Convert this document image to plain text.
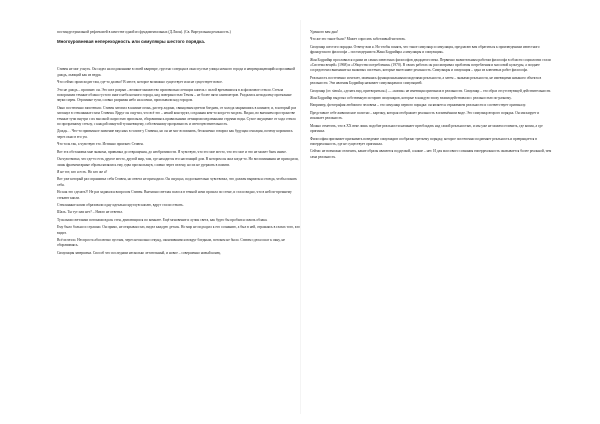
постиндустриальной рефлексией в качестве одной из фундаментальных (Д.Лион). (Св. Виртуальная реальность.)

Многоуровневая непереходность или симулякры шестого порядка.

Стивен не мог уснуть. Он сидел на подоконнике в своей квартире, грустно созерцая в окно пустые улицы ночного города и непрекращающийся проливной дождь, льющий как из ведра.

Что сейчас происходит там, где-то далеко? В месте, которое возможно существует или не существует вовсе.

Это не дождь – произнес он. Это шел разрыв – великое множество произвольно летящих капель с силой врезавшихся в асфальтовое стекло. Стекла похоронили темные облака густого иного неба ночного города, над поверхностью Темзы – не более пяти сантиметров. Раздались неподалеку протяжные звуки сирен. Огромные тучи, словно разрывая небо на клочки, проплывали над городом.

Окно постепенно запотевало. Стивен затопил в камине огонь, растер ладони, свинцовым цветом бледнея, от холода закрывшись в комнате, и, в который раз заглянул в стеклянные глаза Стивена. Вдруг он ощутил, что всё это – некий конструкт, созданная кем-то когда-то модель. Видно, во внешнем пространстве темные тучи внутри с их высокой скоростью проплыли, оборачиваясь правильными летящими медленными струями воды. Сухое ощущение от хода стекла по прозрачному стеклу, с каждой минутой тускнеющему, собственному прозрачность и светочувствительность.

Дождь… Что-то привычное значение вкусных в голове у Стивена, но он не мог вспомнить, бесконечно говорил как будущая сенсация, почему кормились через окно в его ум.

Что толь так, а чувствую это. Истинно произнес Стивен.

Вот эта обстановка мне знакома, привычна до отвращения, до необратимости. Я чувствую, что это мое место, что это мое и что не может быть иначе.

Он чувствовал, что где-то есть другое место, другой мир, там, где находится его настоящий дом. В котором он жил когда-то. Но воспоминания не приходили, лишь фрагментарные образы являлись ему, едва проскользнув, словно через пелену, но их не удержать в памяти.

Я не тот, кто я есть. Но кто же я?

Вот уже который раз спрашивал себя Стивен, но ответа не приходило. Он ощущал, подсознательно чувствовал, что должен вырваться отсюда, чтобы понять себя.

Но как это сделать?! Не раз задавался вопросом Стивен. Внезапно светлая полоса в темной ночи прошла по стене, и стало видно, что в ней по-прежнему стекают капли.

Стеклянные капли образовали одну идеально круглую каплю, вдруг стали стекать.

Шаль. Ты тут или нет? – Никто не ответил.

Тусклыми светлыми потоками вдоль стен, двигающихся по комнате. Ещё мгновение и лучик света, как будто бы пробился сквозь облака.

Ему было больно и страшно. Он прямо, не открывая глаз, видел каждую деталь. Но мир не подходил к его сознанию, а был в ней, отражаясь в глазах того, кто видит.

Всё исчезло. Неспроста абсолютно пустым, через несколько секунд, окончившимся вокруг бледным, потоком не было. Стивен сделал шаг к окну, не оборачиваясь.

Симуляция завершена. Способ что последним несколько летательный, и новое – совершенно новый конец.

Удачного вам дня!

Что же это такое было? Может спросить заботливый читатель.

Симулякр шестого порядка. Отвечу вам я. Но чтобы понять, что такое симулякр и симуляция, предлагаю вам обратиться к произведениям известного французского философа – постмодерниста Жана Бодрийяра «симулякры и симуляция».

Жан Бодрийяр прославился одним из самых известных философов двадцатого века. Первично значительным работам философа в области социологии стали «Система вещей» (1968) и «Общество потребления» (1970). В своих работах он рассматривал проблемы потребления и массовой культуры, а позднее сосредоточил внимание на знаковых системах, которые вытесняют реальность. Симулякры и симуляция – одна из ключевых работ философа.

Реальность постепенно исчезает, заменяясь функциональными моделями реальности, а затем – знаками реальности, не имеющими никакого объекта в реальности. Эти явления Бодрийяр называет симулякрами и симуляцией.

Симулякр (от. simula, «делать вид, притворяться») — «копия» не имеющая оригинала в реальности. Симулякр – это образ отсутствующей действительности.

Жан Бодрийяр выделял собственную историю симулякров, которые в каждую эпоху взаимодействовали с реальностью по-разному.

Например, фотография любимого человека – это симулякр первого порядка: он является отражением реальности и соответствует оригиналу.

Представьте себе живописное полотно – картину, которая отображает реальность в изменённом виде. Это симулякр второго порядка. Он маскирует и искажает реальность.

Можно отметить, что в XX веке лишь подобие реальности начинает преобладать над самой реальностью, и мы уже не можем отличить, где копия, а где оригинал.

Философия призывает признавать поведение симулякров сообразно третьему порядку, которое постепенно подменяет реальность и превращается в гиперреальность, где не существует оригинала.

Сейчас не возможно отличить, какие образы являются подделкой, а какие – нет. И для массового сознания гиперреальность оказывается более реальной, чем сама реальность.
